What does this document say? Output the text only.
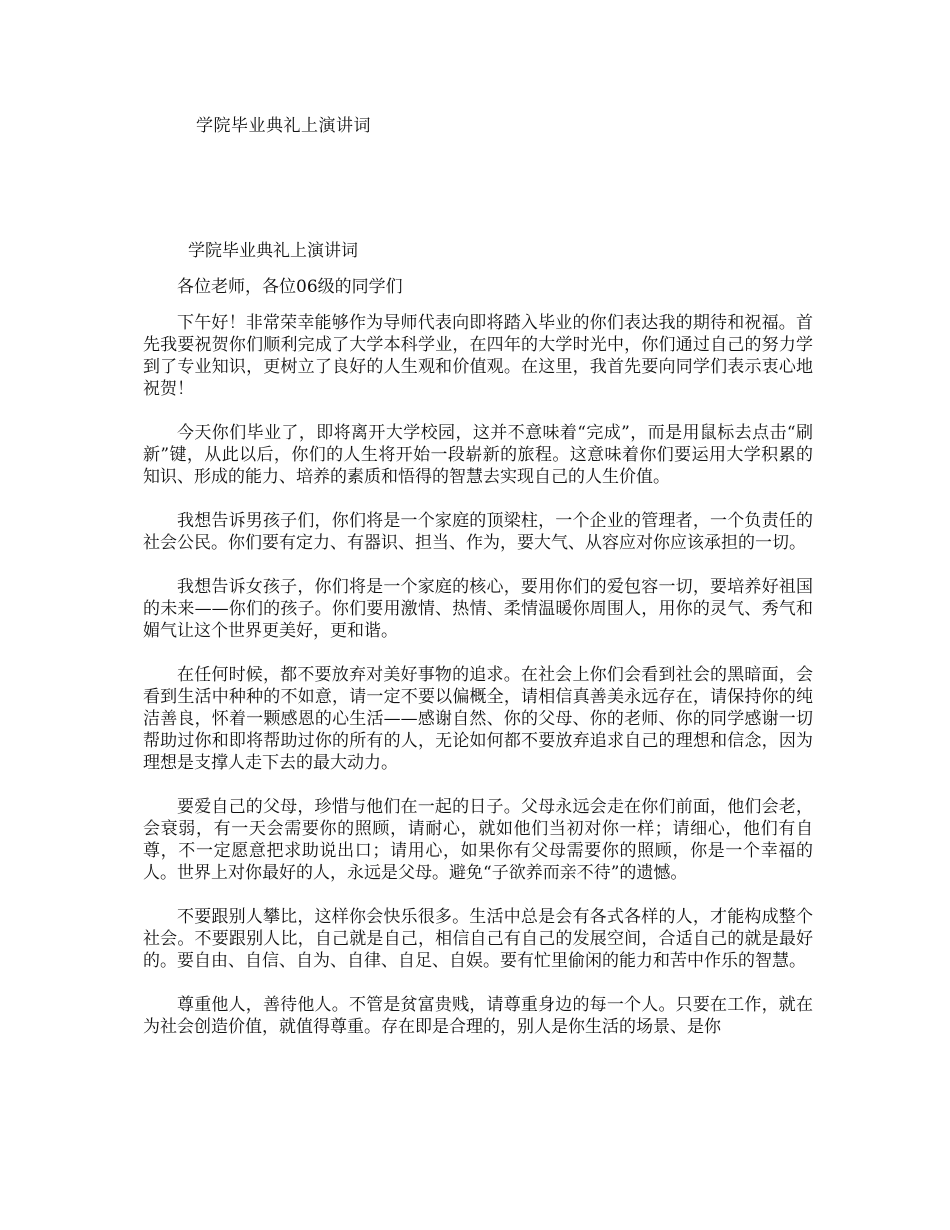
学院毕业典礼上演讲词
学院毕业典礼上演讲词
各位老师，各位06级的同学们

下午好！非常荣幸能够作为导师代表向即将踏入毕业的你们表达我的期待和祝福。首先我要祝贺你们顺利完成了大学本科学业，在四年的大学时光中，你们通过自己的努力学到了专业知识，更树立了良好的人生观和价值观。在这里，我首先要向同学们表示衷心地祝贺！

今天你们毕业了，即将离开大学校园，这并不意味着“完成”，而是用鼠标去点击“刷新”键，从此以后，你们的人生将开始一段崭新的旅程。这意味着你们要运用大学积累的知识、形成的能力、培养的素质和悟得的智慧去实现自己的人生价值。

我想告诉男孩子们，你们将是一个家庭的顶梁柱，一个企业的管理者，一个负责任的社会公民。你们要有定力、有器识、担当、作为，要大气、从容应对你应该承担的一切。

我想告诉女孩子，你们将是一个家庭的核心，要用你们的爱包容一切，要培养好祖国的未来——你们的孩子。你们要用激情、热情、柔情温暖你周围人，用你的灵气、秀气和媚气让这个世界更美好，更和谐。

在任何时候，都不要放弃对美好事物的追求。在社会上你们会看到社会的黑暗面，会看到生活中种种的不如意，请一定不要以偏概全，请相信真善美永远存在，请保持你的纯洁善良，怀着一颗感恩的心生活——感谢自然、你的父母、你的老师、你的同学感谢一切帮助过你和即将帮助过你的所有的人，无论如何都不要放弃追求自己的理想和信念，因为理想是支撑人走下去的最大动力。

要爱自己的父母，珍惜与他们在一起的日子。父母永远会走在你们前面，他们会老，会衰弱，有一天会需要你的照顾，请耐心，就如他们当初对你一样；请细心，他们有自尊，不一定愿意把求助说出口；请用心，如果你有父母需要你的照顾，你是一个幸福的人。世界上对你最好的人，永远是父母。避免“子欲养而亲不待”的遗憾。

不要跟别人攀比，这样你会快乐很多。生活中总是会有各式各样的人，才能构成整个社会。不要跟别人比，自己就是自己，相信自己有自己的发展空间，合适自己的就是最好的。要自由、自信、自为、自律、自足、自娱。要有忙里偷闲的能力和苦中作乐的智慧。

尊重他人，善待他人。不管是贫富贵贱，请尊重身边的每一个人。只要在工作，就在为社会创造价值，就值得尊重。存在即是合理的，别人是你生活的场景、是你
